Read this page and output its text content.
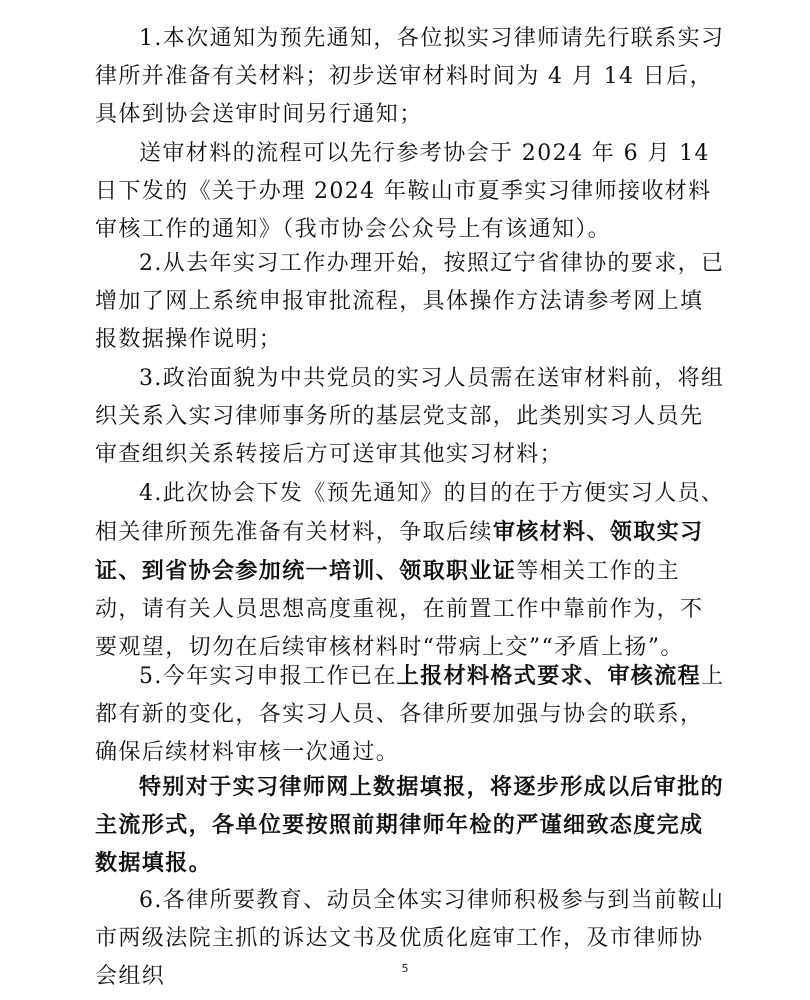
1.本次通知为预先通知，各位拟实习律师请先行联系实习律所并准备有关材料；初步送审材料时间为 4 月 14 日后，具体到协会送审时间另行通知；

送审材料的流程可以先行参考协会于 2024 年 6 月 14 日下发的《关于办理 2024 年鞍山市夏季实习律师接收材料审核工作的通知》（我市协会公众号上有该通知）。

2.从去年实习工作办理开始，按照辽宁省律协的要求，已增加了网上系统申报审批流程，具体操作方法请参考网上填报数据操作说明；

3.政治面貌为中共党员的实习人员需在送审材料前，将组织关系入实习律师事务所的基层党支部，此类别实习人员先审查组织关系转接后方可送审其他实习材料；

4.此次协会下发《预先通知》的目的在于方便实习人员、相关律所预先准备有关材料，争取后续审核材料、领取实习证、到省协会参加统一培训、领取职业证等相关工作的主动，请有关人员思想高度重视，在前置工作中靠前作为，不要观望，切勿在后续审核材料时“带病上交”“矛盾上扬”。

5.今年实习申报工作已在上报材料格式要求、审核流程上都有新的变化，各实习人员、各律所要加强与协会的联系，确保后续材料审核一次通过。

特别对于实习律师网上数据填报，将逐步形成以后审批的主流形式，各单位要按照前期律师年检的严谨细致态度完成数据填报。

6.各律所要教育、动员全体实习律师积极参与到当前鞍山市两级法院主抓的诉达文书及优质化庭审工作，及市律师协会组织	5
